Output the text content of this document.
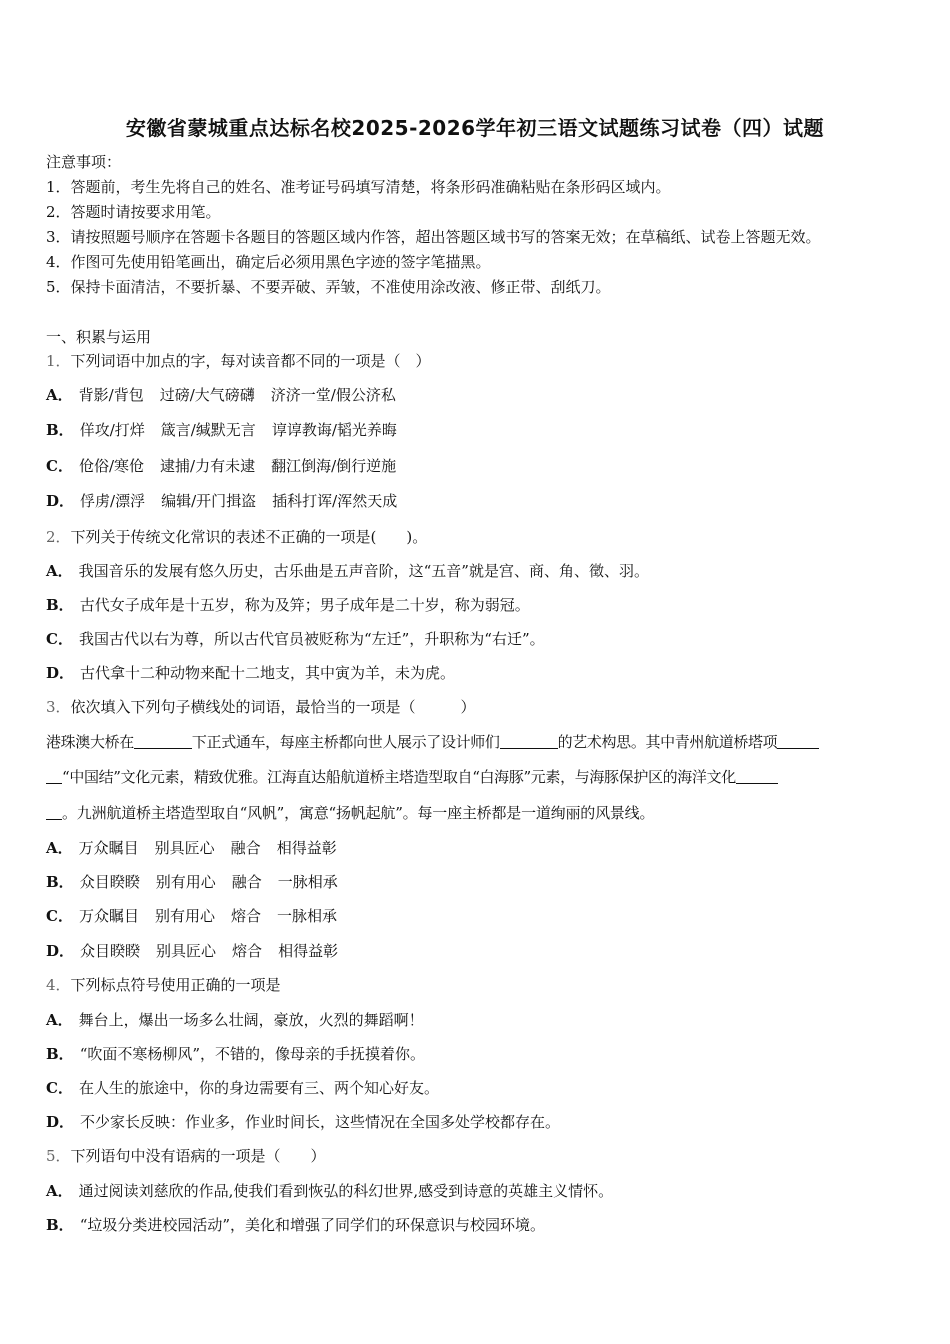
安徽省蒙城重点达标名校2025-2026学年初三语文试题练习试卷（四）试题
注意事项：
1．答题前，考生先将自己的姓名、准考证号码填写清楚，将条形码准确粘贴在条形码区域内。
2．答题时请按要求用笔。
3．请按照题号顺序在答题卡各题目的答题区域内作答，超出答题区域书写的答案无效；在草稿纸、试卷上答题无效。
4．作图可先使用铅笔画出，确定后必须用黑色字迹的签字笔描黑。
5．保持卡面清洁，不要折暴、不要弄破、弄皱，不准使用涂改液、修正带、刮纸刀。
一、积累与运用
1．下列词语中加点的字，每对读音都不同的一项是（　）
A． 背影/背包 过磅/大气磅礴 济济一堂/假公济私
B． 佯攻/打烊 箴言/缄默无言 谆谆教诲/韬光养晦
C． 伧俗/寒伧 逮捕/力有未逮 翻江倒海/倒行逆施
D． 俘虏/漂浮 编辑/开门揖盗 插科打诨/浑然天成
2．下列关于传统文化常识的表述不正确的一项是(　　)。
A． 我国音乐的发展有悠久历史，古乐曲是五声音阶，这“五音”就是宫、商、角、徵、羽。
B． 古代女子成年是十五岁，称为及笄；男子成年是二十岁，称为弱冠。
C． 我国古代以右为尊，所以古代官员被贬称为“左迁”，升职称为“右迁”。
D． 古代拿十二种动物来配十二地支，其中寅为羊，未为虎。
3．依次填入下列句子横线处的词语，最恰当的一项是（　　　）
港珠澳大桥在	下正式通车，每座主桥都向世人展示了设计师们	的艺术构思。其中青州航道桥塔项
“中国结”文化元素，精致优雅。江海直达船航道桥主塔造型取自“白海豚”元素，与海豚保护区的海洋文化
。九洲航道桥主塔造型取自“风帆”，寓意“扬帆起航”。每一座主桥都是一道绚丽的风景线。
A． 万众瞩目 别具匠心 融合 相得益彰
B． 众目睽睽 别有用心 融合 一脉相承
C． 万众瞩目 别有用心 熔合 一脉相承
D． 众目睽睽 别具匠心 熔合 相得益彰
4．下列标点符号使用正确的一项是
A． 舞台上，爆出一场多么壮阔，豪放，火烈的舞蹈啊！
B． “吹面不寒杨柳风”，不错的，像母亲的手抚摸着你。
C． 在人生的旅途中，你的身边需要有三、两个知心好友。
D． 不少家长反映：作业多，作业时间长，这些情况在全国多处学校都存在。
5．下列语句中没有语病的一项是（　　）
A． 通过阅读刘慈欣的作品,使我们看到恢弘的科幻世界,感受到诗意的英雄主义情怀。
B． “垃圾分类进校园活动”，美化和增强了同学们的环保意识与校园环境。
